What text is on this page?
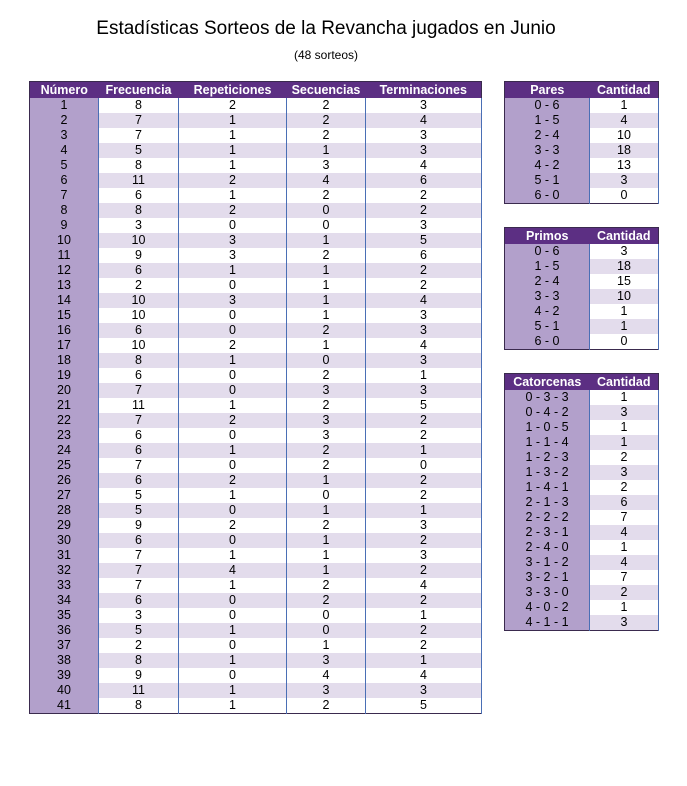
Estadísticas Sorteos de la Revancha jugados en Junio
(48 sorteos)
Número	Frecuencia	Repeticiones	Secuencias	Terminaciones
1	8	2	2	3
2	7	1	2	4
3	7	1	2	3
4	5	1	1	3
5	8	1	3	4
6	11	2	4	6
7	6	1	2	2
8	8	2	0	2
9	3	0	0	3
10	10	3	1	5
11	9	3	2	6
12	6	1	1	2
13	2	0	1	2
14	10	3	1	4
15	10	0	1	3
16	6	0	2	3
17	10	2	1	4
18	8	1	0	3
19	6	0	2	1
20	7	0	3	3
21	11	1	2	5
22	7	2	3	2
23	6	0	3	2
24	6	1	2	1
25	7	0	2	0
26	6	2	1	2
27	5	1	0	2
28	5	0	1	1
29	9	2	2	3
30	6	0	1	2
31	7	1	1	3
32	7	4	1	2
33	7	1	2	4
34	6	0	2	2
35	3	0	0	1
36	5	1	0	2
37	2	0	1	2
38	8	1	3	1
39	9	0	4	4
40	11	1	3	3
41	8	1	2	5
Pares	Cantidad
0 - 6	1
1 - 5	4
2 - 4	10
3 - 3	18
4 - 2	13
5 - 1	3
6 - 0	0
Primos	Cantidad
0 - 6	3
1 - 5	18
2 - 4	15
3 - 3	10
4 - 2	1
5 - 1	1
6 - 0	0
Catorcenas	Cantidad
0 - 3 - 3	1
0 - 4 - 2	3
1 - 0 - 5	1
1 - 1 - 4	1
1 - 2 - 3	2
1 - 3 - 2	3
1 - 4 - 1	2
2 - 1 - 3	6
2 - 2 - 2	7
2 - 3 - 1	4
2 - 4 - 0	1
3 - 1 - 2	4
3 - 2 - 1	7
3 - 3 - 0	2
4 - 0 - 2	1
4 - 1 - 1	3
